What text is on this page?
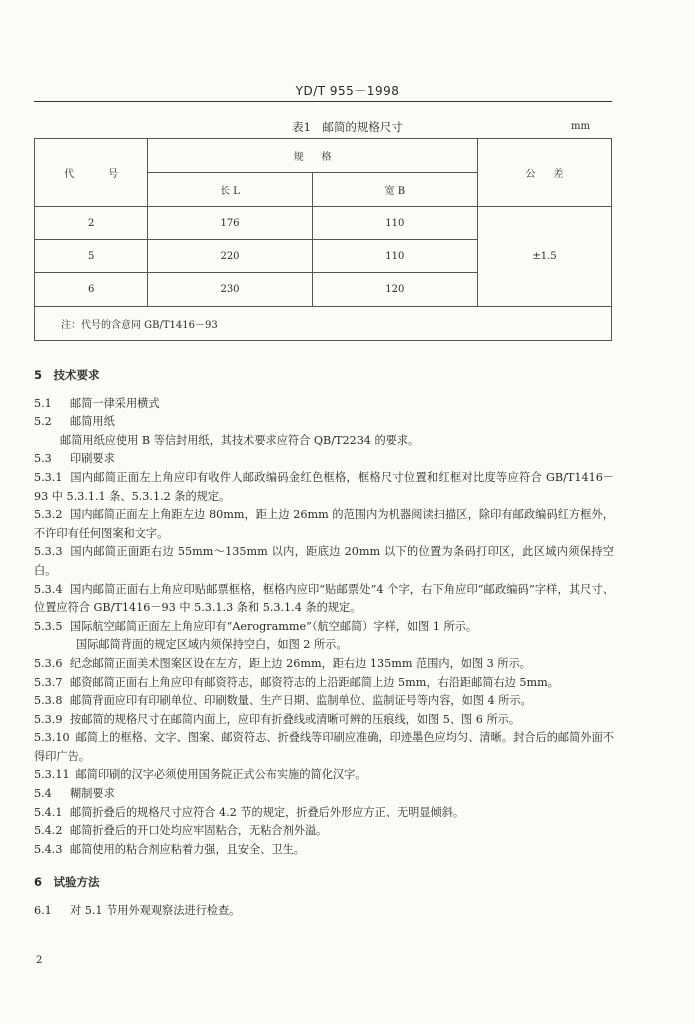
YD/T 955－1998
表1　邮简的规格尺寸	mm
代　号	规格		公差
	长 L	宽 B	
2	176	110	±1.5
5	220	110	
6	230	120	
注：代号的含意同 GB/T1416－93			

5　技术要求

5.1 邮简一律采用横式

5.2 邮简用纸

邮简用纸应使用 B 等信封用纸，其技术要求应符合 QB/T2234 的要求。

5.3 印刷要求

5.3.1 国内邮简正面左上角应印有收件人邮政编码金红色框格，框格尺寸位置和红框对比度等应符合 GB/T1416－93 中 5.3.1.1 条、5.3.1.2 条的规定。

5.3.2 国内邮简正面左上角距左边 80mm，距上边 26mm 的范围内为机器阅读扫描区，除印有邮政编码红方框外，不许印有任何图案和文字。

5.3.3 国内邮简正面距右边 55mm～135mm 以内，距底边 20mm 以下的位置为条码打印区，此区域内须保持空白。

5.3.4 国内邮简正面右上角应印贴邮票框格，框格内应印“贴邮票处”4 个字，右下角应印“邮政编码”字样，其尺寸、位置应符合 GB/T1416－93 中 5.3.1.3 条和 5.3.1.4 条的规定。

5.3.5 国际航空邮简正面左上角应印有“Aerogramme”（航空邮简）字样，如图 1 所示。

国际邮简背面的规定区域内须保持空白，如图 2 所示。

5.3.6 纪念邮简正面美术图案区设在左方，距上边 26mm，距右边 135mm 范围内，如图 3 所示。

5.3.7 邮资邮简正面右上角应印有邮资符志，邮资符志的上沿距邮简上边 5mm，右沿距邮简右边 5mm。

5.3.8 邮简背面应印有印刷单位、印刷数量、生产日期、监制单位、监制证号等内容，如图 4 所示。

5.3.9 按邮简的规格尺寸在邮简内面上，应印有折叠线或清晰可辨的压痕线，如图 5、图 6 所示。

5.3.10 邮简上的框格、文字、图案、邮资符志、折叠线等印刷应准确，印迹墨色应均匀、清晰。封合后的邮简外面不得印广告。

5.3.11 邮简印刷的汉字必须使用国务院正式公布实施的简化汉字。

5.4 糊制要求

5.4.1 邮简折叠后的规格尺寸应符合 4.2 节的规定，折叠后外形应方正、无明显倾斜。

5.4.2 邮简折叠后的开口处均应牢固粘合，无粘合剂外溢。

5.4.3 邮简使用的粘合剂应粘着力强，且安全、卫生。

6　试验方法

6.1 对 5.1 节用外观观察法进行检查。

2
